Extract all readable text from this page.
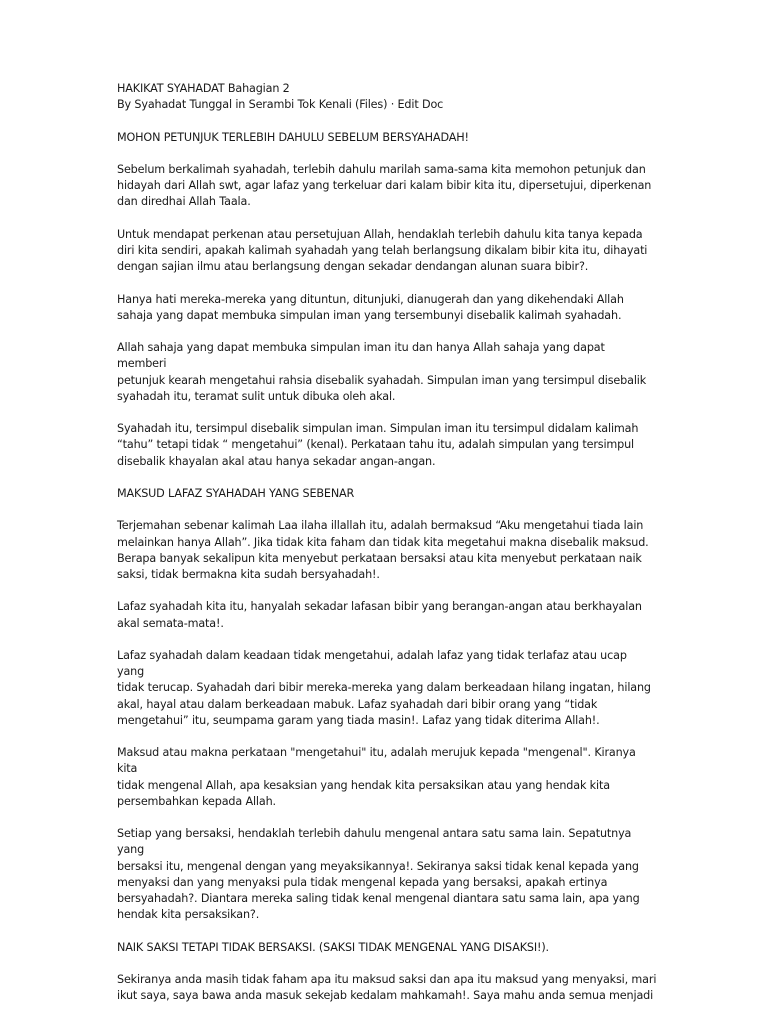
HAKIKAT SYAHADAT Bahagian 2

By Syahadat Tunggal in Serambi Tok Kenali (Files) · Edit Doc

MOHON PETUNJUK TERLEBIH DAHULU SEBELUM BERSYAHADAH!

Sebelum berkalimah syahadah, terlebih dahulu marilah sama-sama kita memohon petunjuk dan
hidayah dari Allah swt, agar lafaz yang terkeluar dari kalam bibir kita itu, dipersetujui, diperkenan
dan diredhai Allah Taala.

Untuk mendapat perkenan atau persetujuan Allah, hendaklah terlebih dahulu kita tanya kepada
diri kita sendiri, apakah kalimah syahadah yang telah berlangsung dikalam bibir kita itu, dihayati
dengan sajian ilmu atau berlangsung dengan sekadar dendangan alunan suara bibir?.

Hanya hati mereka-mereka yang dituntun, ditunjuki, dianugerah dan yang dikehendaki Allah
sahaja yang dapat membuka simpulan iman yang tersembunyi disebalik kalimah syahadah.

Allah sahaja yang dapat membuka simpulan iman itu dan hanya Allah sahaja yang dapat memberi
petunjuk kearah mengetahui rahsia disebalik syahadah. Simpulan iman yang tersimpul disebalik
syahadah itu, teramat sulit untuk dibuka oleh akal.

Syahadah itu, tersimpul disebalik simpulan iman. Simpulan iman itu tersimpul didalam kalimah
“tahu” tetapi tidak “ mengetahui” (kenal). Perkataan tahu itu, adalah simpulan yang tersimpul
disebalik khayalan akal atau hanya sekadar angan-angan.

MAKSUD LAFAZ SYAHADAH YANG SEBENAR

Terjemahan sebenar kalimah Laa ilaha illallah itu, adalah bermaksud “Aku mengetahui tiada lain
melainkan hanya Allah”. Jika tidak kita faham dan tidak kita megetahui makna disebalik maksud.
Berapa banyak sekalipun kita menyebut perkataan bersaksi atau kita menyebut perkataan naik
saksi, tidak bermakna kita sudah bersyahadah!.

Lafaz syahadah kita itu, hanyalah sekadar lafasan bibir yang berangan-angan atau berkhayalan
akal semata-mata!.

Lafaz syahadah dalam keadaan tidak mengetahui, adalah lafaz yang tidak terlafaz atau ucap yang
tidak terucap. Syahadah dari bibir mereka-mereka yang dalam berkeadaan hilang ingatan, hilang
akal, hayal atau dalam berkeadaan mabuk. Lafaz syahadah dari bibir orang yang “tidak
mengetahui” itu, seumpama garam yang tiada masin!. Lafaz yang tidak diterima Allah!.

Maksud atau makna perkataan "mengetahui" itu, adalah merujuk kepada "mengenal". Kiranya kita
tidak mengenal Allah, apa kesaksian yang hendak kita persaksikan atau yang hendak kita
persembahkan kepada Allah.

Setiap yang bersaksi, hendaklah terlebih dahulu mengenal antara satu sama lain. Sepatutnya yang
bersaksi itu, mengenal dengan yang meyaksikannya!. Sekiranya saksi tidak kenal kepada yang
menyaksi dan yang menyaksi pula tidak mengenal kepada yang bersaksi, apakah ertinya
bersyahadah?. Diantara mereka saling tidak kenal mengenal diantara satu sama lain, apa yang
hendak kita persaksikan?.

NAIK SAKSI TETAPI TIDAK BERSAKSI. (SAKSI TIDAK MENGENAL YANG DISAKSI!).

Sekiranya anda masih tidak faham apa itu maksud saksi dan apa itu maksud yang menyaksi, mari
ikut saya, saya bawa anda masuk sekejab kedalam mahkamah!. Saya mahu anda semua menjadi
